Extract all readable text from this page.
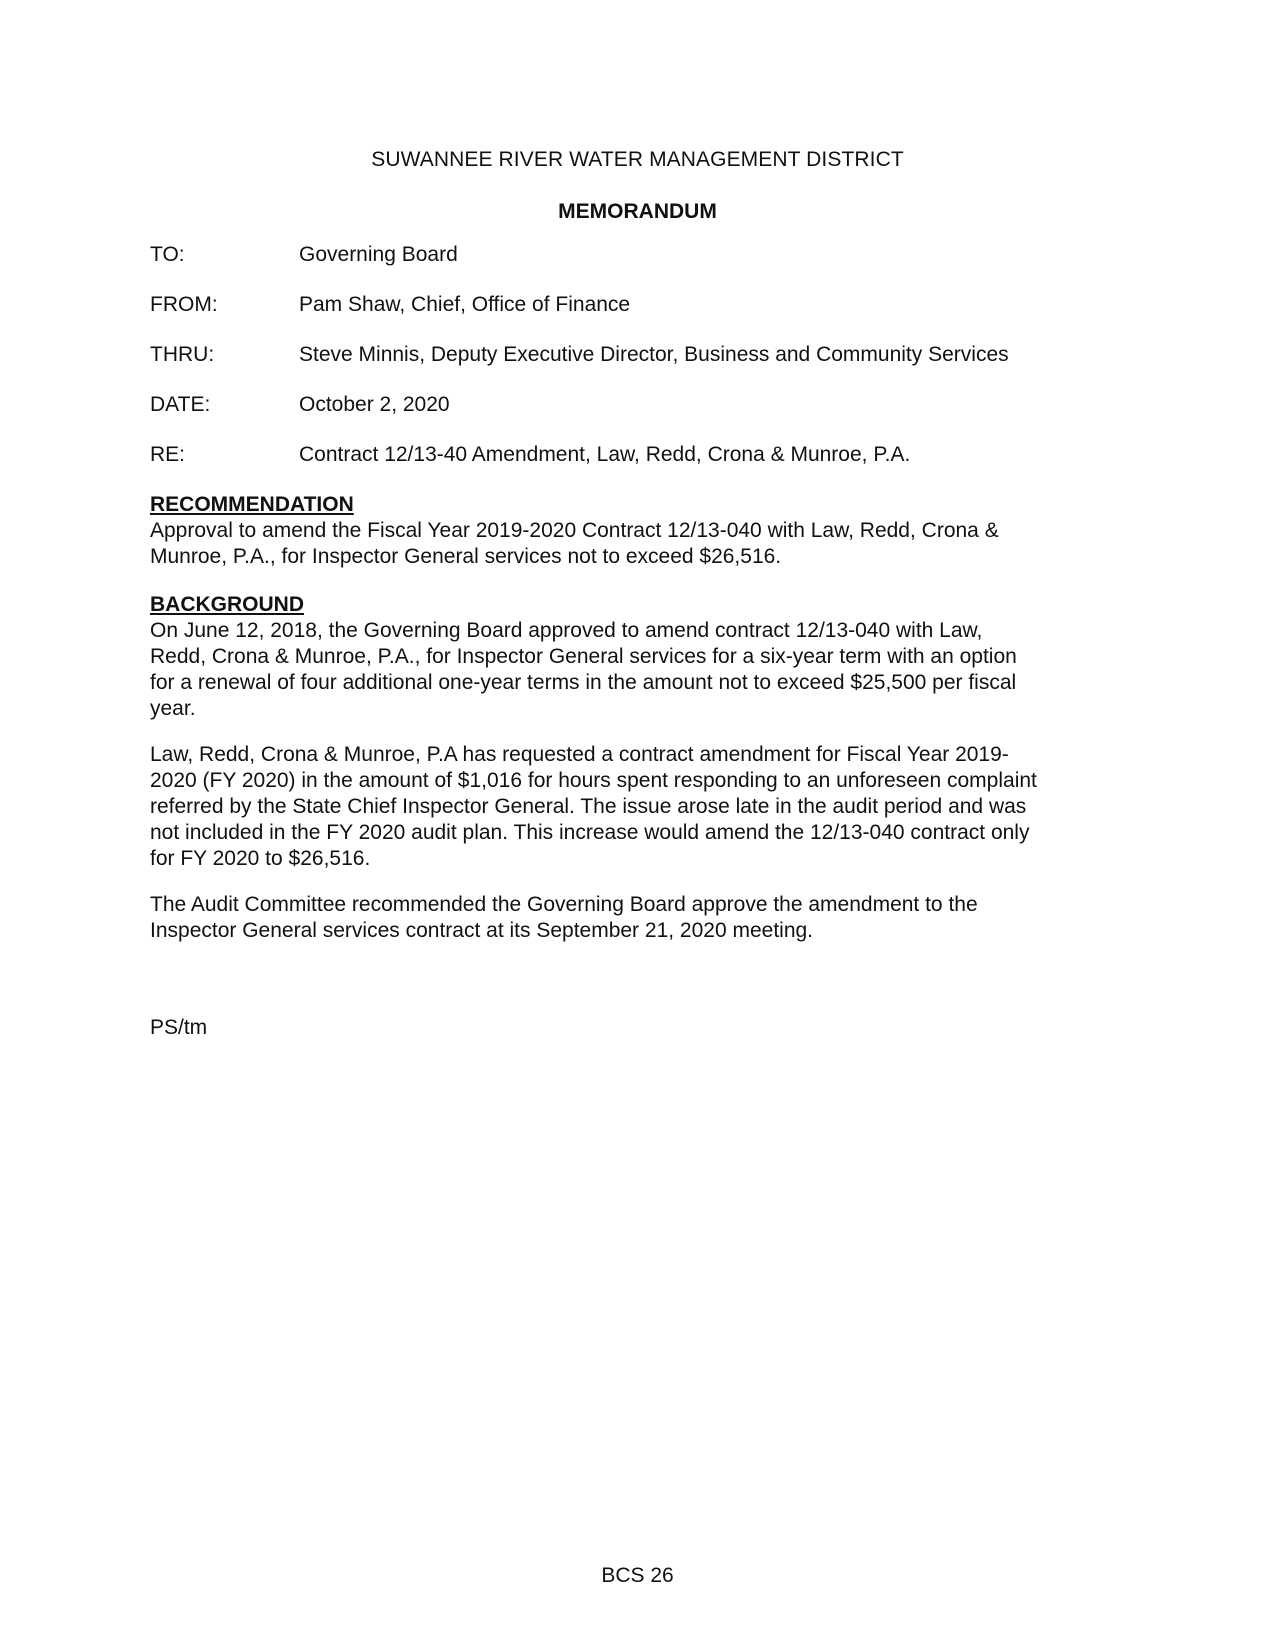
SUWANNEE RIVER WATER MANAGEMENT DISTRICT
MEMORANDUM
TO:	Governing Board
FROM:	Pam Shaw, Chief, Office of Finance
THRU:	Steve Minnis, Deputy Executive Director, Business and Community Services
DATE:	October 2, 2020
RE:	Contract 12/13-40 Amendment, Law, Redd, Crona & Munroe, P.A.
RECOMMENDATION
Approval to amend the Fiscal Year 2019-2020 Contract 12/13-040 with Law, Redd, Crona &
Munroe, P.A., for Inspector General services not to exceed $26,516.
BACKGROUND
On June 12, 2018, the Governing Board approved to amend contract 12/13-040 with Law,
Redd, Crona & Munroe, P.A., for Inspector General services for a six-year term with an option
for a renewal of four additional one-year terms in the amount not to exceed $25,500 per fiscal
year.
Law, Redd, Crona & Munroe, P.A has requested a contract amendment for Fiscal Year 2019-
2020 (FY 2020) in the amount of $1,016 for hours spent responding to an unforeseen complaint
referred by the State Chief Inspector General. The issue arose late in the audit period and was
not included in the FY 2020 audit plan. This increase would amend the 12/13-040 contract only
for FY 2020 to $26,516.
The Audit Committee recommended the Governing Board approve the amendment to the
Inspector General services contract at its September 21, 2020 meeting.
PS/tm
BCS 26
